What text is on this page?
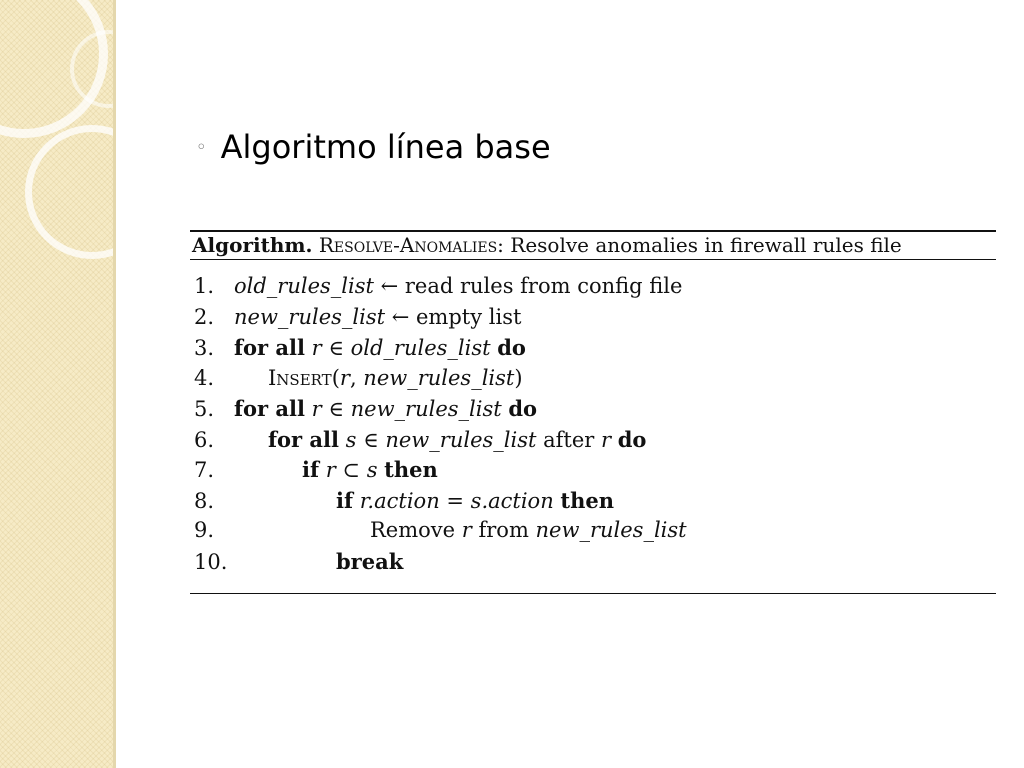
◦ Algoritmo línea base
Algorithm. Resolve-Anomalies: Resolve anomalies in firewall rules file
1. old_rules_list ← read rules from config file
2. new_rules_list ← empty list
3. for all r ∈ old_rules_list do
4.	Insert(r, new_rules_list)
5. for all r ∈ new_rules_list do
6.	for all s ∈ new_rules_list after r do
7.	if r ⊂ s then
8.	if r.action = s.action then
9.	Remove r from new_rules_list
10.	break
